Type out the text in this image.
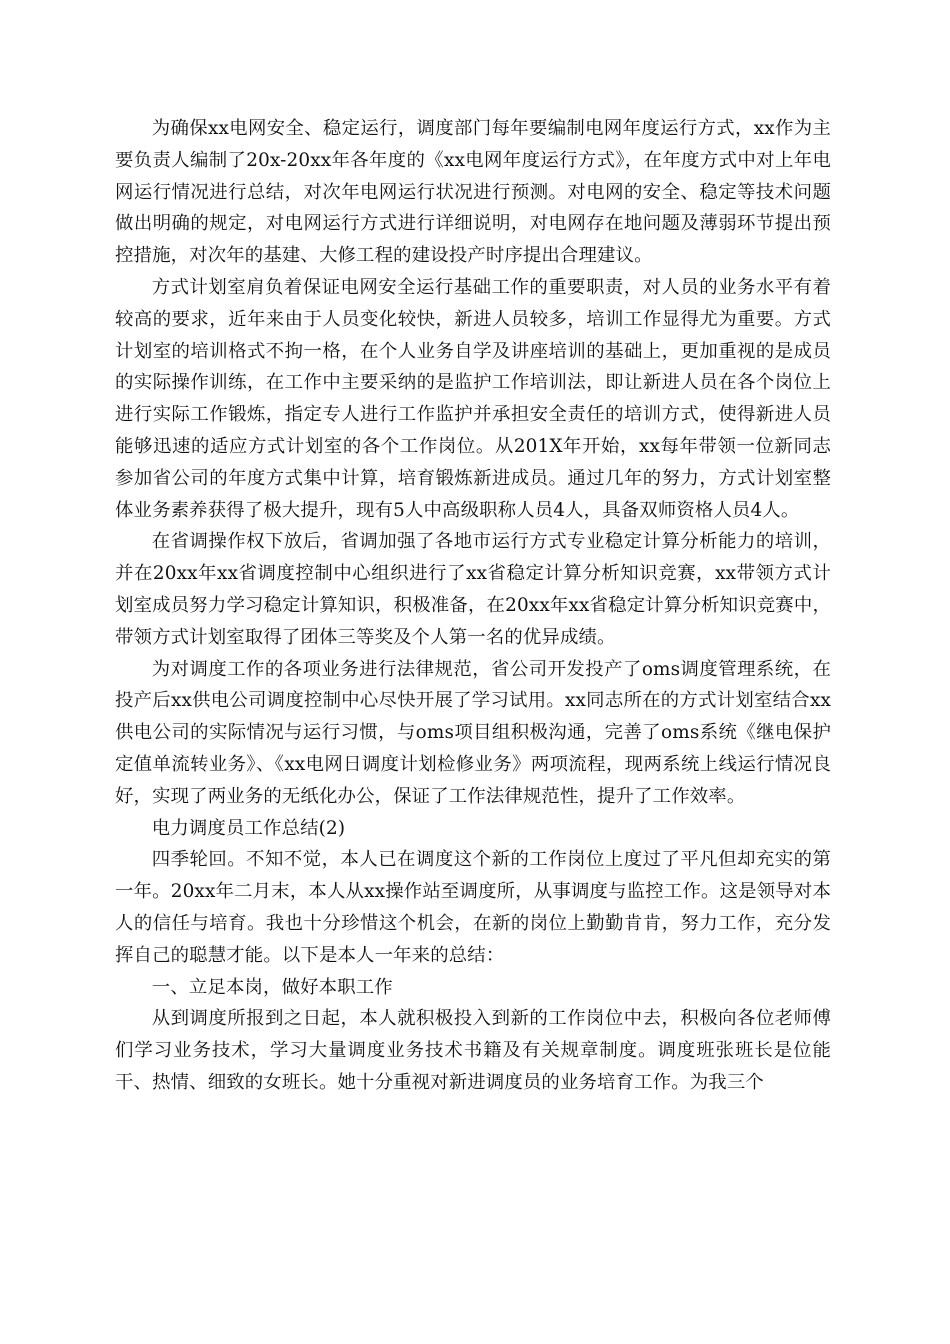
为确保xx电网安全、稳定运行，调度部门每年要编制电网年度运行方式，xx作为主要负责人编制了20x-20xx年各年度的《xx电网年度运行方式》，在年度方式中对上年电网运行情况进行总结，对次年电网运行状况进行预测。对电网的安全、稳定等技术问题做出明确的规定，对电网运行方式进行详细说明，对电网存在地问题及薄弱环节提出预控措施，对次年的基建、大修工程的建设投产时序提出合理建议。

方式计划室肩负着保证电网安全运行基础工作的重要职责，对人员的业务水平有着较高的要求，近年来由于人员变化较快，新进人员较多，培训工作显得尤为重要。方式计划室的培训格式不拘一格，在个人业务自学及讲座培训的基础上，更加重视的是成员的实际操作训练，在工作中主要采纳的是监护工作培训法，即让新进人员在各个岗位上进行实际工作锻炼，指定专人进行工作监护并承担安全责任的培训方式，使得新进人员能够迅速的适应方式计划室的各个工作岗位。从201X年开始，xx每年带领一位新同志参加省公司的年度方式集中计算，培育锻炼新进成员。通过几年的努力，方式计划室整体业务素养获得了极大提升，现有5人中高级职称人员4人，具备双师资格人员4人。

在省调操作权下放后，省调加强了各地市运行方式专业稳定计算分析能力的培训，并在20xx年xx省调度控制中心组织进行了xx省稳定计算分析知识竞赛，xx带领方式计划室成员努力学习稳定计算知识，积极准备，在20xx年xx省稳定计算分析知识竞赛中，带领方式计划室取得了团体三等奖及个人第一名的优异成绩。

为对调度工作的各项业务进行法律规范，省公司开发投产了oms调度管理系统，在投产后xx供电公司调度控制中心尽快开展了学习试用。xx同志所在的方式计划室结合xx供电公司的实际情况与运行习惯，与oms项目组积极沟通，完善了oms系统《继电保护定值单流转业务》、《xx电网日调度计划检修业务》两项流程，现两系统上线运行情况良好，实现了两业务的无纸化办公，保证了工作法律规范性，提升了工作效率。

电力调度员工作总结(2)

四季轮回。不知不觉，本人已在调度这个新的工作岗位上度过了平凡但却充实的第一年。20xx年二月末，本人从xx操作站至调度所，从事调度与监控工作。这是领导对本人的信任与培育。我也十分珍惜这个机会，在新的岗位上勤勤肯肯，努力工作，充分发挥自己的聪慧才能。以下是本人一年来的总结：

一、立足本岗，做好本职工作

从到调度所报到之日起，本人就积极投入到新的工作岗位中去，积极向各位老师傅们学习业务技术，学习大量调度业务技术书籍及有关规章制度。调度班张班长是位能干、热情、细致的女班长。她十分重视对新进调度员的业务培育工作。为我三个
